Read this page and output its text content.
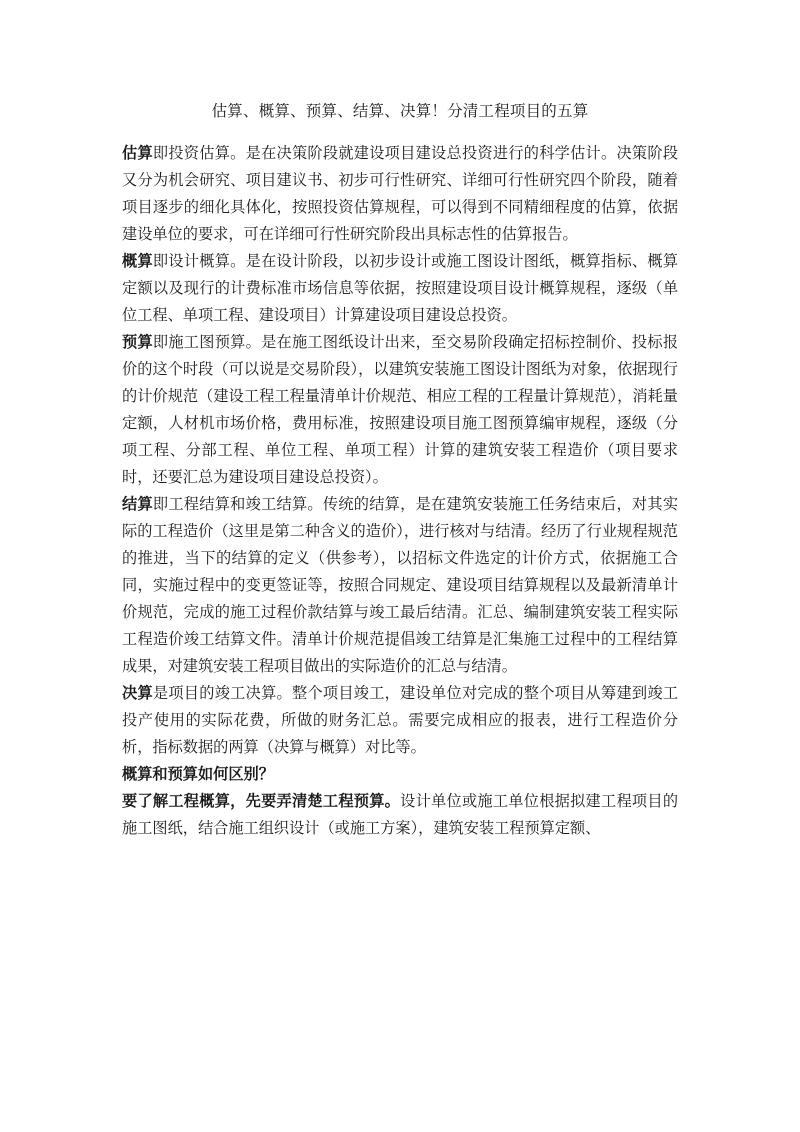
估算、概算、预算、结算、决算！分清工程项目的五算

估算即投资估算。是在决策阶段就建设项目建设总投资进行的科学估计。决策阶段又分为机会研究、项目建议书、初步可行性研究、详细可行性研究四个阶段，随着项目逐步的细化具体化，按照投资估算规程，可以得到不同精细程度的估算，依据建设单位的要求，可在详细可行性研究阶段出具标志性的估算报告。

概算即设计概算。是在设计阶段，以初步设计或施工图设计图纸，概算指标、概算定额以及现行的计费标准市场信息等依据，按照建设项目设计概算规程，逐级（单位工程、单项工程、建设项目）计算建设项目建设总投资。

预算即施工图预算。是在施工图纸设计出来，至交易阶段确定招标控制价、投标报价的这个时段（可以说是交易阶段），以建筑安装施工图设计图纸为对象，依据现行的计价规范（建设工程工程量清单计价规范、相应工程的工程量计算规范），消耗量定额，人材机市场价格，费用标准，按照建设项目施工图预算编审规程，逐级（分项工程、分部工程、单位工程、单项工程）计算的建筑安装工程造价（项目要求时，还要汇总为建设项目建设总投资）。

结算即工程结算和竣工结算。传统的结算，是在建筑安装施工任务结束后，对其实际的工程造价（这里是第二种含义的造价），进行核对与结清。经历了行业规程规范的推进，当下的结算的定义（供参考），以招标文件选定的计价方式，依据施工合同，实施过程中的变更签证等，按照合同规定、建设项目结算规程以及最新清单计价规范，完成的施工过程价款结算与竣工最后结清。汇总、编制建筑安装工程实际工程造价竣工结算文件。清单计价规范提倡竣工结算是汇集施工过程中的工程结算成果，对建筑安装工程项目做出的实际造价的汇总与结清。

决算是项目的竣工决算。整个项目竣工，建设单位对完成的整个项目从筹建到竣工投产使用的实际花费，所做的财务汇总。需要完成相应的报表，进行工程造价分析，指标数据的两算（决算与概算）对比等。

概算和预算如何区别？

要了解工程概算，先要弄清楚工程预算。设计单位或施工单位根据拟建工程项目的施工图纸，结合施工组织设计（或施工方案），建筑安装工程预算定额、
